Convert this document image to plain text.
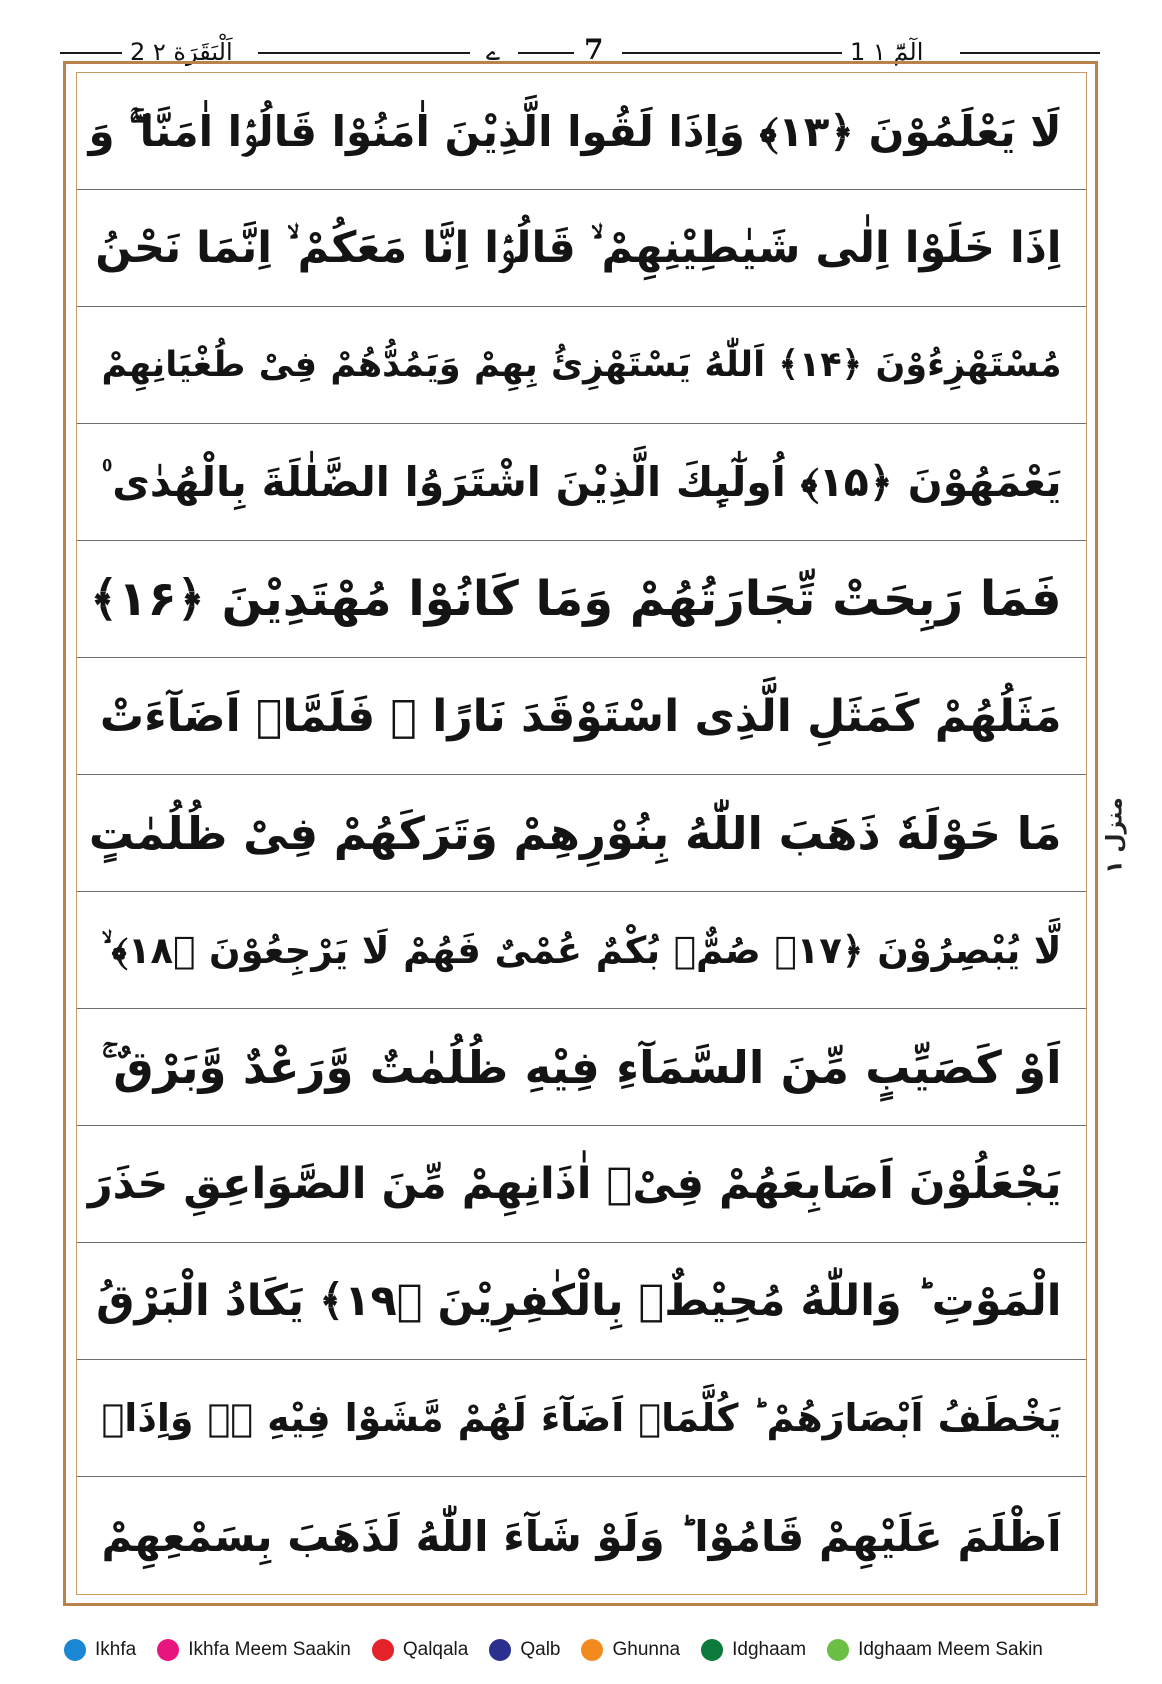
2 اَلْبَقَرَة ۲	ے	7	1 الٓمّٓ ۱
لَا یَعْلَمُوْنَ ﴿۱۳﴾ وَاِذَا لَقُوا الَّذِیْنَ اٰمَنُوْا قَالُوْۤا اٰمَنَّا ۚۖ وَ
اِذَا خَلَوْا اِلٰی شَیٰطِیْنِهِمْ ۙ قَالُوْۤا اِنَّا مَعَكُمْ ۙ اِنَّمَا نَحْنُ
مُسْتَهْزِءُوْنَ ﴿۱۴﴾ اَللّٰهُ یَسْتَهْزِئُ بِهِمْ وَیَمُدُّهُمْ فِیْ طُغْیَانِهِمْ
یَعْمَهُوْنَ ﴿۱۵﴾ اُولٰٓىِٕكَ الَّذِیْنَ اشْتَرَوُا الضَّلٰلَةَ بِالْهُدٰی ۠
فَمَا رَبِحَتْ تِّجَارَتُهُمْ وَمَا كَانُوْا مُهْتَدِیْنَ ﴿۱۶﴾
مَثَلُهُمْ كَمَثَلِ الَّذِی اسْتَوْقَدَ نَارًا ۚ فَلَمَّاۤ اَضَآءَتْ
مَا حَوْلَهٗ ذَهَبَ اللّٰهُ بِنُوْرِهِمْ وَتَرَكَهُمْ فِیْ ظُلُمٰتٍ
لَّا یُبْصِرُوْنَ ﴿۱۷﴾ صُمٌّۢ بُكْمٌ عُمْیٌ فَهُمْ لَا یَرْجِعُوْنَ ﴿۱۸﴾ ۙ
اَوْ كَصَیِّبٍ مِّنَ السَّمَآءِ فِیْهِ ظُلُمٰتٌ وَّرَعْدٌ وَّبَرْقٌ ۚ
یَجْعَلُوْنَ اَصَابِعَهُمْ فِیْۤ اٰذَانِهِمْ مِّنَ الصَّوَاعِقِ حَذَرَ
الْمَوْتِ ؕ وَاللّٰهُ مُحِیْطٌۢ بِالْكٰفِرِیْنَ ﴿۱۹﴾ یَكَادُ الْبَرْقُ
یَخْطَفُ اَبْصَارَهُمْ ؕ كُلَّمَاۤ اَضَآءَ لَهُمْ مَّشَوْا فِیْهِ ۙۗ وَاِذَاۤ
اَظْلَمَ عَلَیْهِمْ قَامُوْا ؕ وَلَوْ شَآءَ اللّٰهُ لَذَهَبَ بِسَمْعِهِمْ
منزل ۱
Ikhfa	Ikhfa Meem Saakin	Qalqala	Qalb	Ghunna	Idghaam	Idghaam Meem Sakin
